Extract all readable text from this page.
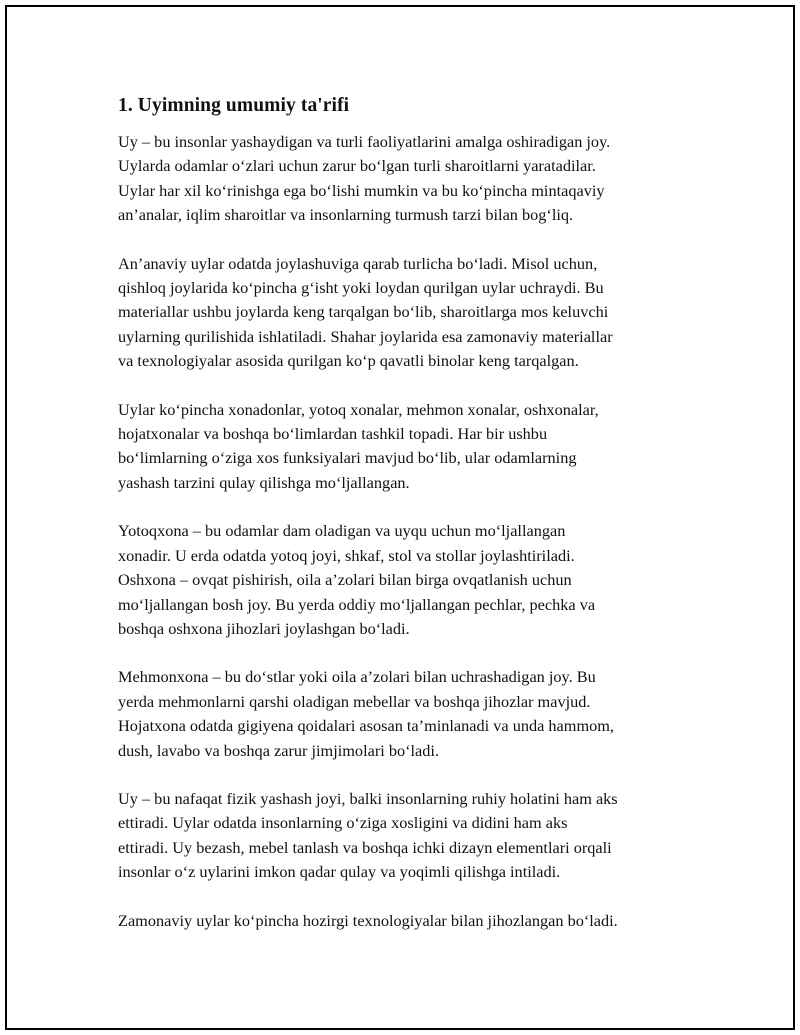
1. Uyimning umumiy ta'rifi

Uy – bu insonlar yashaydigan va turli faoliyatlarini amalga oshiradigan joy.
Uylarda odamlar oʻzlari uchun zarur boʻlgan turli sharoitlarni yaratadilar.
Uylar har xil koʻrinishga ega boʻlishi mumkin va bu koʻpincha mintaqaviy
an’analar, iqlim sharoitlar va insonlarning turmush tarzi bilan bogʻliq.

An’anaviy uylar odatda joylashuviga qarab turlicha boʻladi. Misol uchun,
qishloq joylarida koʻpincha gʻisht yoki loydan qurilgan uylar uchraydi. Bu
materiallar ushbu joylarda keng tarqalgan boʻlib, sharoitlarga mos keluvchi
uylarning qurilishida ishlatiladi. Shahar joylarida esa zamonaviy materiallar
va texnologiyalar asosida qurilgan koʻp qavatli binolar keng tarqalgan.

Uylar koʻpincha xonadonlar, yotoq xonalar, mehmon xonalar, oshxonalar,
hojatxonalar va boshqa boʻlimlardan tashkil topadi. Har bir ushbu
boʻlimlarning oʻziga xos funksiyalari mavjud boʻlib, ular odamlarning
yashash tarzini qulay qilishga moʻljallangan.

Yotoqxona – bu odamlar dam oladigan va uyqu uchun moʻljallangan
xonadir. U erda odatda yotoq joyi, shkaf, stol va stollar joylashtiriladi.
Oshxona – ovqat pishirish, oila a’zolari bilan birga ovqatlanish uchun
moʻljallangan bosh joy. Bu yerda oddiy moʻljallangan pechlar, pechka va
boshqa oshxona jihozlari joylashgan boʻladi.

Mehmonxona – bu doʻstlar yoki oila a’zolari bilan uchrashadigan joy. Bu
yerda mehmonlarni qarshi oladigan mebellar va boshqa jihozlar mavjud.
Hojatxona odatda gigiyena qoidalari asosan ta’minlanadi va unda hammom,
dush, lavabo va boshqa zarur jimjimolari boʻladi.

Uy – bu nafaqat fizik yashash joyi, balki insonlarning ruhiy holatini ham aks
ettiradi. Uylar odatda insonlarning oʻziga xosligini va didini ham aks
ettiradi. Uy bezash, mebel tanlash va boshqa ichki dizayn elementlari orqali
insonlar oʻz uylarini imkon qadar qulay va yoqimli qilishga intiladi.

Zamonaviy uylar koʻpincha hozirgi texnologiyalar bilan jihozlangan boʻladi.
